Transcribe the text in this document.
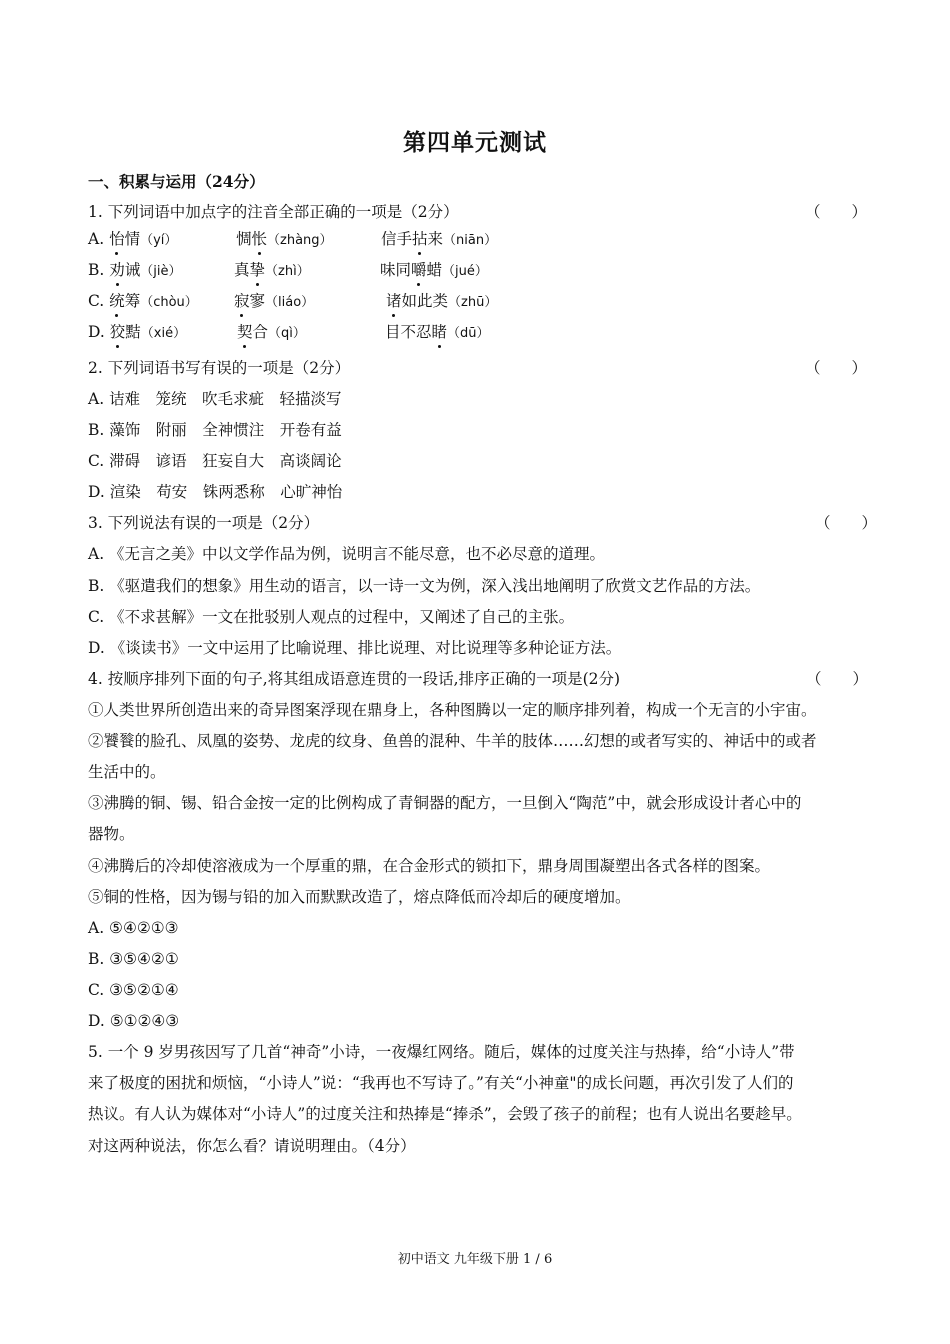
第四单元测试
一、积累与运用（24分）
1. 下列词语中加点字的注音全部正确的一项是（2分）	（　　）
A. 怡情（yí）	惆怅（zhàng）	信手拈来（niān）
B. 劝诫（jiè）	真挚（zhì）	味同嚼蜡（jué）
C. 统筹（chòu） 寂寥（liáo）	诸如此类（zhū）
D. 狡黠（xié）	契合（qì）	目不忍睹（dū）
2. 下列词语书写有误的一项是（2分）	（　　）
A. 诘难　笼统　吹毛求疵　轻描淡写
B. 藻饰　附丽　全神惯注　开卷有益
C. 滞碍　谚语　狂妄自大　高谈阔论
D. 渲染　苟安　铢两悉称　心旷神怡
3. 下列说法有误的一项是（2分）	（　　）
A. 《无言之美》中以文学作品为例，说明言不能尽意，也不必尽意的道理。
B. 《驱遣我们的想象》用生动的语言，以一诗一文为例，深入浅出地阐明了欣赏文艺作品的方法。
C. 《不求甚解》一文在批驳别人观点的过程中，又阐述了自己的主张。
D. 《谈读书》一文中运用了比喻说理、排比说理、对比说理等多种论证方法。
4. 按顺序排列下面的句子,将其组成语意连贯的一段话,排序正确的一项是(2分)	（　　）
①人类世界所创造出来的奇异图案浮现在鼎身上，各种图腾以一定的顺序排列着，构成一个无言的小宇宙。
②饕餮的脸孔、凤凰的姿势、龙虎的纹身、鱼兽的混种、牛羊的肢体……幻想的或者写实的、神话中的或者
生活中的。
③沸腾的铜、锡、铅合金按一定的比例构成了青铜器的配方，一旦倒入“陶范”中，就会形成设计者心中的
器物。
④沸腾后的冷却使溶液成为一个厚重的鼎，在合金形式的锁扣下，鼎身周围凝塑出各式各样的图案。
⑤铜的性格，因为锡与铅的加入而默默改造了，熔点降低而冷却后的硬度增加。
A. ⑤④②①③
B. ③⑤④②①
C. ③⑤②①④
D. ⑤①②④③
5. 一个 9 岁男孩因写了几首“神奇”小诗，一夜爆红网络。随后，媒体的过度关注与热捧，给“小诗人”带
来了极度的困扰和烦恼，“小诗人”说：“我再也不写诗了。”有关“小神童"的成长问题，再次引发了人们的
热议。有人认为媒体对“小诗人”的过度关注和热捧是“捧杀”，会毁了孩子的前程；也有人说出名要趁早。
对这两种说法，你怎么看？请说明理由。（4分）
初中语文 九年级下册 1 / 6
